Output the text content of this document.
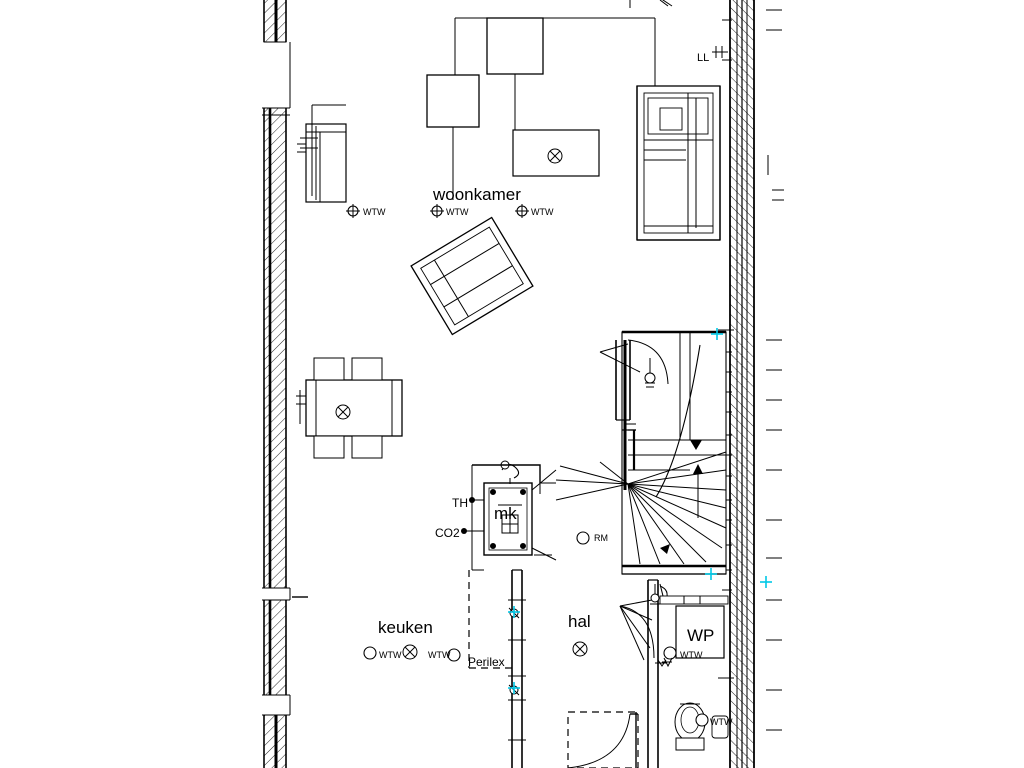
woonkamer
keuken	hal
mk
LL
WTW	WTW	WTW
TH
CO2	RM
WTW	WTW Perilex
WP
WTW
WTW
